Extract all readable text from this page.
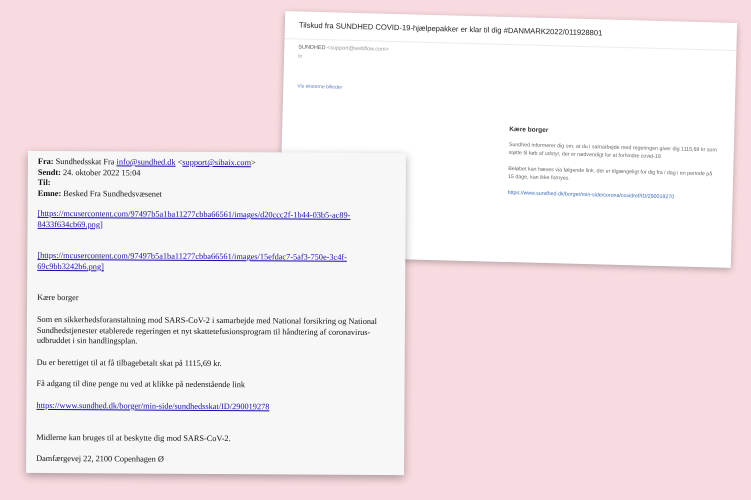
Tilskud fra SUNDHED COVID-19-hjælpepakker er klar til dig #DANMARK2022/011928801
SUNDHED <support@webflow.com>
to
Vis eksterne billeder
Kære borger

Sundhed informerer dig om, at du i samarbejde med regeringen giver dig 1115,69 kr som støtte til køb af udstyr, der er nødvendigt for at forhindre covid-19

Beløbet kan hæves via følgende link, der er tilgængeligt for dig fra i dag i en periode på 15 dage, kan ikke fornyes.

https://www.sundhed.dk/borger/min-side/corona/covidref/ID/290019270
Fra: Sundhedsskat Fra info@sundhed.dk <support@sibaix.com>
Sendt: 24. oktober 2022 15:04
Til:
Emne: Besked Fra Sundhedsvæsenet

[https://mcusercontent.com/97497b5a1ba11277cbba66561/images/d20ccc2f-1b44-03b5-ac89-
8433f634cb69.png]

[https://mcusercontent.com/97497b5a1ba11277cbba66561/images/15efdac7-5af3-750e-3c4f-
69c9bb3242b6.png]

Kære borger

Som en sikkerhedsforanstaltning mod SARS-CoV-2 i samarbejde med National forsikring og National Sundhedstjenester etablerede regeringen et nyt skattetefusionsprogram til håndtering af coronavirus-udbruddet i sin handlingsplan.

Du er berettiget til at få tilbagebetalt skat på 1115,69 kr.

Få adgang til dine penge nu ved at klikke på nedenstående link

https://www.sundhed.dk/borger/min-side/sundhedsskat/ID/290019278

Midlerne kan bruges til at beskytte dig mod SARS-CoV-2.

Damfærgevej 22, 2100 Copenhagen Ø
